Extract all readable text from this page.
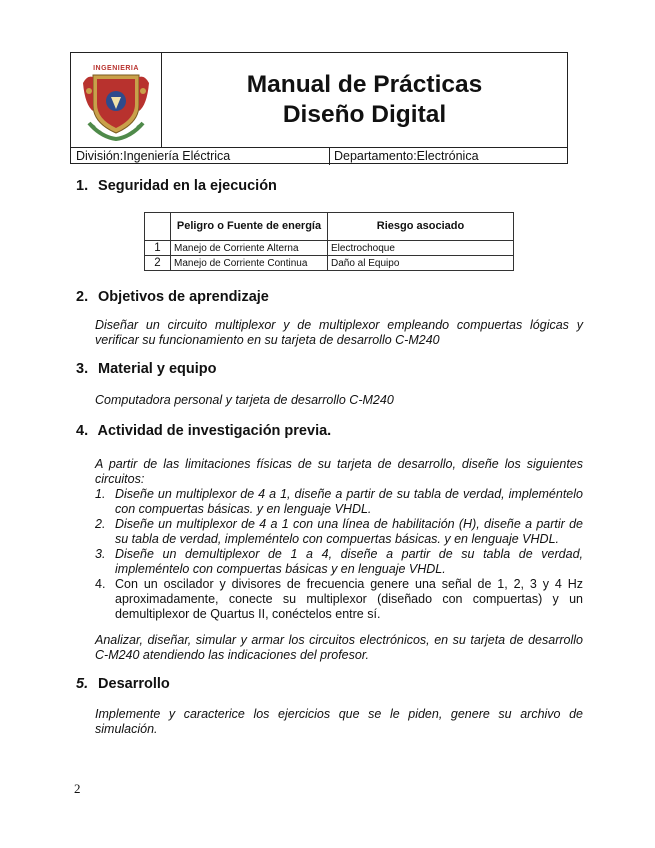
INGENIERIA
Manual de Prácticas
Diseño Digital
División:Ingeniería Eléctrica	Departamento:Electrónica
1. Seguridad en la ejecución
	Peligro o Fuente de energía	Riesgo asociado
1	Manejo de Corriente Alterna	Electrochoque
2	Manejo de Corriente Continua	Daño al Equipo
2. Objetivos de aprendizaje
Diseñar un circuito multiplexor y de multiplexor empleando compuertas lógicas y verificar su funcionamiento en su tarjeta de desarrollo C-M240
3. Material y equipo
Computadora personal y tarjeta de desarrollo C-M240
4. Actividad de investigación previa.
A partir de las limitaciones físicas de su tarjeta de desarrollo, diseñe los siguientes circuitos:
1. Diseñe un multiplexor de 4 a 1, diseñe a partir de su tabla de verdad, impleméntelo con compuertas básicas. y en lenguaje VHDL.
2. Diseñe un multiplexor de 4 a 1 con una línea de habilitación (H), diseñe a partir de su tabla de verdad, impleméntelo con compuertas básicas. y en lenguaje VHDL.
3. Diseñe un demultiplexor de 1 a 4, diseñe a partir de su tabla de verdad, impleméntelo con compuertas básicas y en lenguaje VHDL.
4. Con un oscilador y divisores de frecuencia genere una señal de 1, 2, 3 y 4 Hz aproximadamente, conecte su multiplexor (diseñado con compuertas) y un demultiplexor de Quartus II, conéctelos entre sí.
Analizar, diseñar, simular y armar los circuitos electrónicos, en su tarjeta de desarrollo C-M240 atendiendo las indicaciones del profesor.
5. Desarrollo
Implemente y caracterice los ejercicios que se le piden, genere su archivo de simulación.
2
